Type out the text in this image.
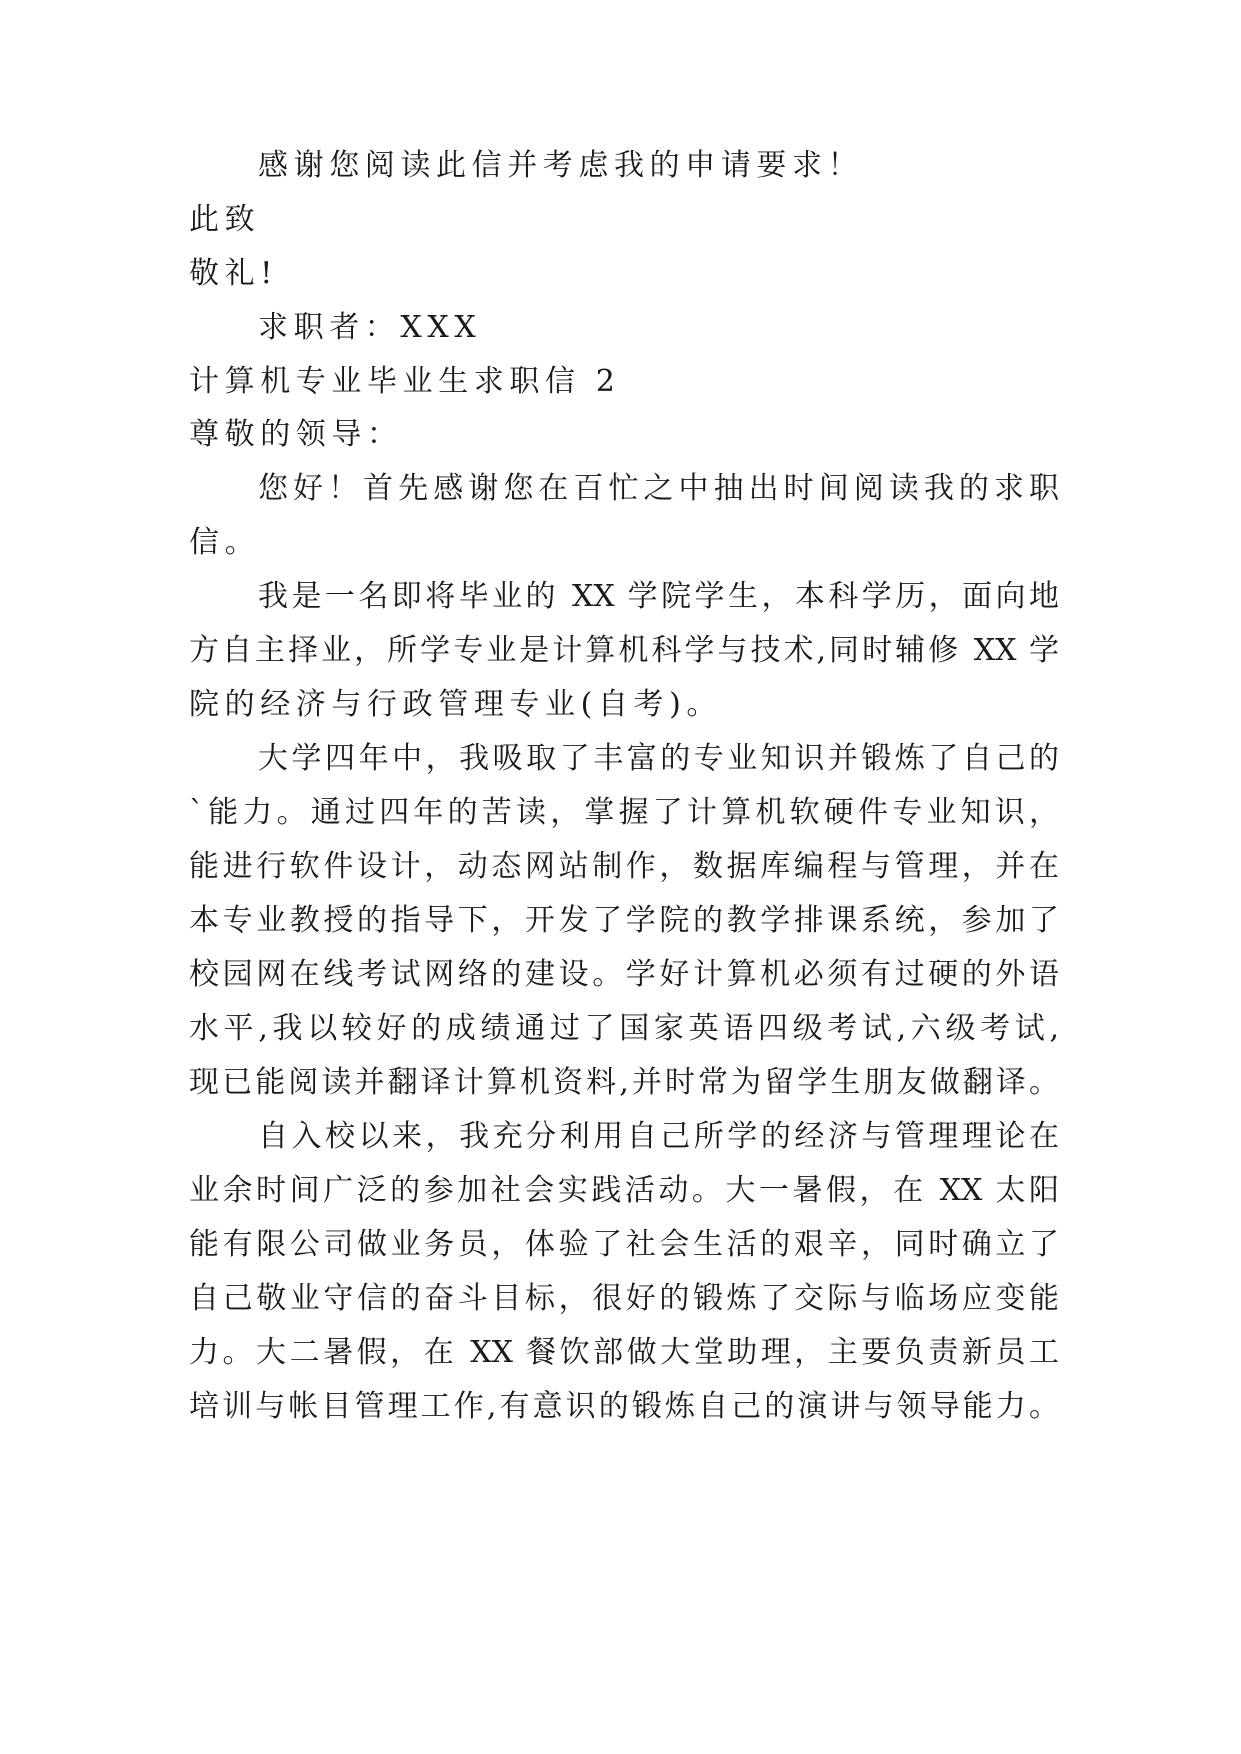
感谢您阅读此信并考虑我的申请要求！
此致
敬礼!
求职者：XXX
计算机专业毕业生求职信 2
尊敬的领导：
您好！首先感谢您在百忙之中抽出时间阅读我的求职
信。
我是一名即将毕业的 XX 学院学生，本科学历，面向地
方自主择业，所学专业是计算机科学与技术,同时辅修 XX 学
院的经济与行政管理专业(自考)。
大学四年中，我吸取了丰富的专业知识并锻炼了自己的
`能力。通过四年的苦读，掌握了计算机软硬件专业知识，
能进行软件设计，动态网站制作，数据库编程与管理，并在
本专业教授的指导下，开发了学院的教学排课系统，参加了
校园网在线考试网络的建设。学好计算机必须有过硬的外语
水平,我以较好的成绩通过了国家英语四级考试,六级考试,
现已能阅读并翻译计算机资料,并时常为留学生朋友做翻译。
自入校以来，我充分利用自己所学的经济与管理理论在
业余时间广泛的参加社会实践活动。大一暑假，在 XX 太阳
能有限公司做业务员，体验了社会生活的艰辛，同时确立了
自己敬业守信的奋斗目标，很好的锻炼了交际与临场应变能
力。大二暑假，在 XX 餐饮部做大堂助理，主要负责新员工
培训与帐目管理工作,有意识的锻炼自己的演讲与领导能力。
